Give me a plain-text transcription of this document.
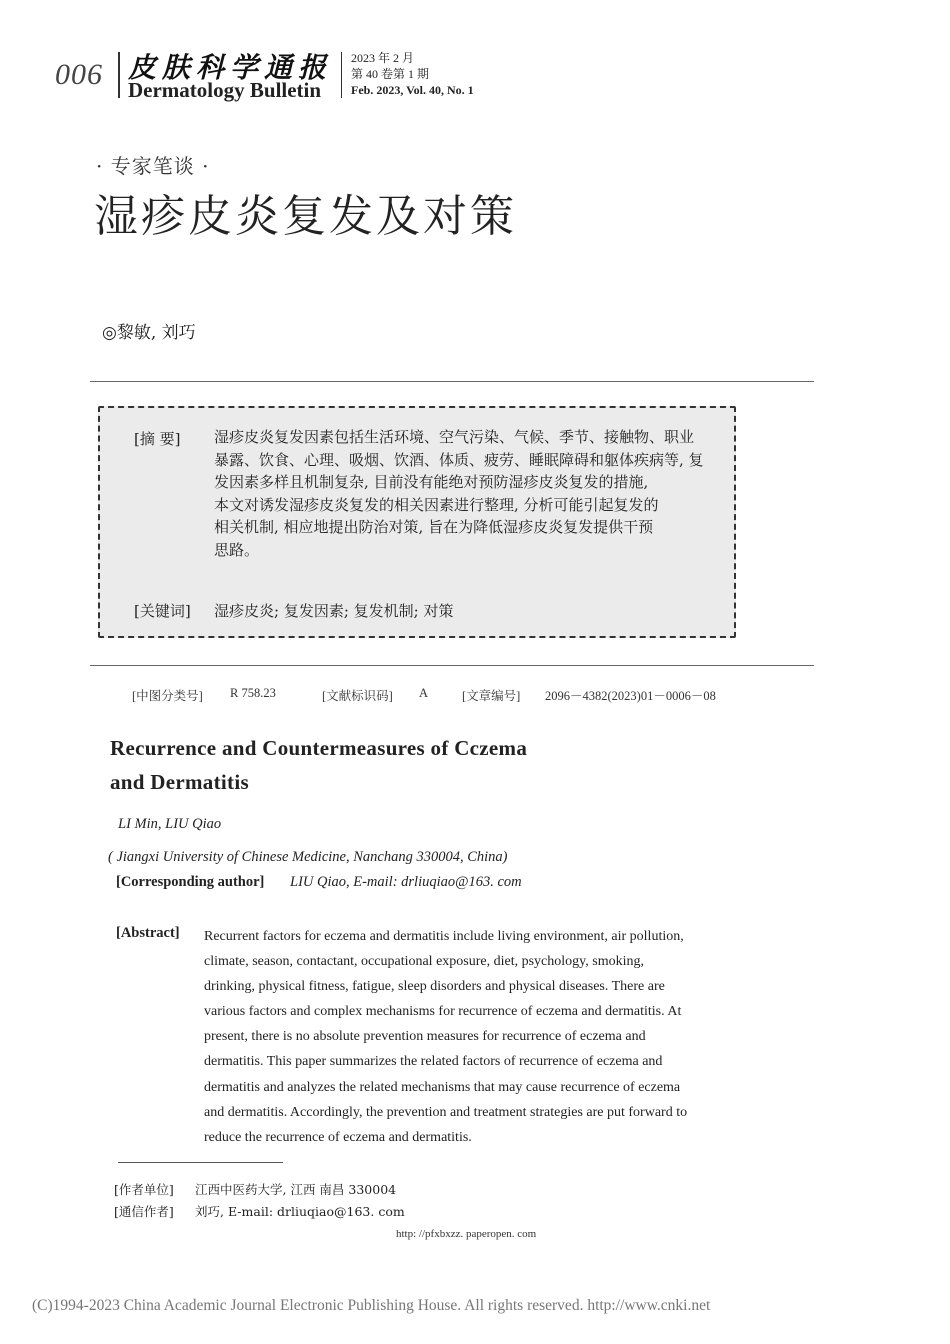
006 皮肤科学通报
Dermatology Bulletin
2023 年 2 月
第 40 卷第 1 期
Feb. 2023, Vol. 40, No. 1
· 专家笔谈 ·
湿疹皮炎复发及对策
◎黎敏, 刘巧
[摘 要] 湿疹皮炎复发因素包括生活环境、空气污染、气候、季节、接触物、职业
暴露、饮食、心理、吸烟、饮酒、体质、疲劳、睡眠障碍和躯体疾病等, 复
发因素多样且机制复杂, 目前没有能绝对预防湿疹皮炎复发的措施,
本文对诱发湿疹皮炎复发的相关因素进行整理, 分析可能引起复发的
相关机制, 相应地提出防治对策, 旨在为降低湿疹皮炎复发提供干预
思路。
[关键词] 湿疹皮炎; 复发因素; 复发机制; 对策
[中图分类号] R 758.23	[文献标识码] A	[文章编号] 2096－4382(2023)01－0006－08
Recurrence and Countermeasures of Cczema
and Dermatitis
LI Min, LIU Qiao
( Jiangxi University of Chinese Medicine, Nanchang 330004, China)
[Corresponding author] LIU Qiao, E-mail: drliuqiao@163. com
[Abstract] Recurrent factors for eczema and dermatitis include living environment, air pollution,
climate, season, contactant, occupational exposure, diet, psychology, smoking,
drinking, physical fitness, fatigue, sleep disorders and physical diseases. There are
various factors and complex mechanisms for recurrence of eczema and dermatitis. At
present, there is no absolute prevention measures for recurrence of eczema and
dermatitis. This paper summarizes the related factors of recurrence of eczema and
dermatitis and analyzes the related mechanisms that may cause recurrence of eczema
and dermatitis. Accordingly, the prevention and treatment strategies are put forward to
reduce the recurrence of eczema and dermatitis.
[作者单位] 江西中医药大学, 江西 南昌 330004
[通信作者] 刘巧, E-mail: drliuqiao@163. com
http: //pfxbxzz. paperopen. com
(C)1994-2023 China Academic Journal Electronic Publishing House. All rights reserved. http://www.cnki.net
